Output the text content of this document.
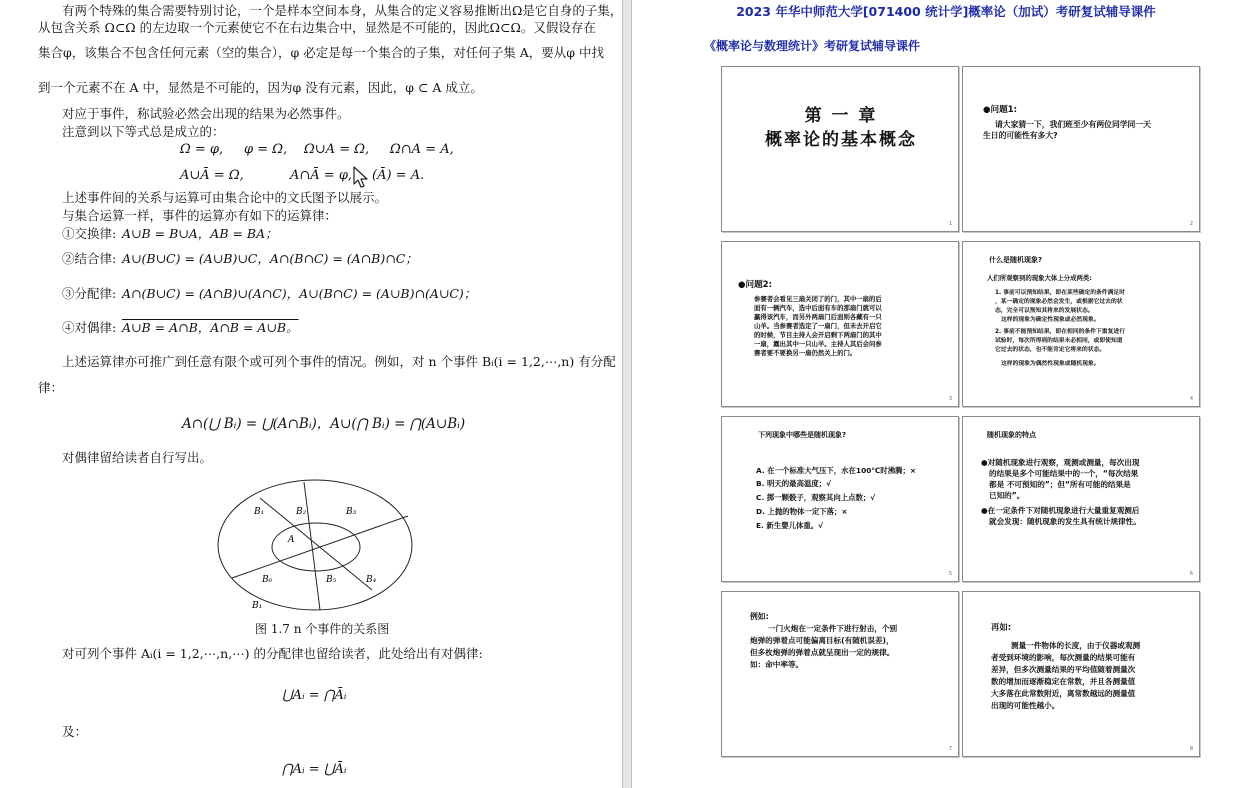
有两个特殊的集合需要特别讨论，一个是样本空间本身，从集合的定义容易推断出Ω是它自身的子集，
从包含关系 Ω⊂Ω 的左边取一个元素使它不在右边集合中，显然是不可能的，因此Ω⊂Ω。又假设存在
集合φ，该集合不包含任何元素（空的集合），φ 必定是每一个集合的子集，对任何子集 A，要从φ 中找
到一个元素不在 A 中，显然是不可能的，因为φ 没有元素，因此，φ ⊂ A 成立。
对应于事件，称试验必然会出现的结果为必然事件。
注意到以下等式总是成立的：
Ω = φ, φ = Ω, Ω∪A = Ω, Ω∩A = A,
A∪Ā = Ω,	A∩Ā = φ, (Ā) = A.
上述事件间的关系与运算可由集合论中的文氏图予以展示。
与集合运算一样，事件的运算亦有如下的运算律：
①交换律: A∪B = B∪A，AB = BA；
②结合律: A∪(B∪C) = (A∪B)∪C，A∩(B∩C) = (A∩B)∩C；
③分配律: A∩(B∪C) = (A∩B)∪(A∩C)，A∪(B∩C) = (A∪B)∩(A∪C)；
④对偶律: A∪B = A∩B，A∩B = A∪B。
上述运算律亦可推广到任意有限个或可列个事件的情况。例如，对 n 个事件 Bᵢ(i = 1,2,⋯,n) 有分配
律：
A∩(⋃ Bᵢ) = ⋃(A∩Bᵢ)，A∪(⋂ Bᵢ) = ⋂(A∪Bᵢ)
对偶律留给读者自行写出。
B₁	B₂	B₃
A
B₆	B₅	B₄
B₁
图 1.7 n 个事件的关系图
对可列个事件 Aᵢ(i = 1,2,⋯,n,⋯) 的分配律也留给读者，此处给出有对偶律:
⋃Aᵢ = ⋂Āᵢ
及：
⋂Aᵢ = ⋃Āᵢ
2023 年华中师范大学[071400 统计学]概率论（加试）考研复试辅导课件
《概率论与数理统计》考研复试辅导课件
第 一 章
概率论的基本概念
1
●问题1:
请大家猜一下，我们班至少有两位同学同一天
生日的可能性有多大?
2
●问题2:
参赛者会看见三扇关闭了的门，其中一扇的后
面有一辆汽车，选中后面有车的那扇门就可以
赢得该汽车，而另外两扇门后面则各藏有一只
山羊。当参赛者选定了一扇门，但未去开启它
的时候，节目主持人会开启剩下两扇门的其中
一扇，露出其中一只山羊。主持人其后会问参
赛者要不要换另一扇仍然关上的门。
3
什么是随机现象?
人们所观察到的现象大体上分成两类:
1. 事前可以预知结果，即在某些确定的条件满足时
，某一确定的现象必然会发生，或根据它过去的状
态，完全可以预知其将来的发展状态。
这样的现象为确定性现象或必然现象。
2. 事前不能预知结果，即在相同的条件下重复进行
试验时，每次所得到的结果未必相同，或即使知道
它过去的状态，也不能肯定它将来的状态。
这样的现象为偶然性现象或随机现象。
4
下列现象中哪些是随机现象?
A. 在一个标准大气压下，水在100℃时沸腾；×
B. 明天的最高温度；√
C. 掷一颗骰子，观察其向上点数；√
D. 上抛的物体一定下落；×
E. 新生婴儿体重。√
5
随机现象的特点
●对随机现象进行观察，观测或测量，每次出现
的结果是多个可能结果中的一个，“每次结果
都是 不可预知的”；但“所有可能的结果是
已知的”。
●在一定条件下对随机现象进行大量重复观测后
就会发现：随机现象的发生具有统计规律性。
6
例如:
一门火炮在一定条件下进行射击，个别
炮弹的弹着点可能偏离目标(有随机误差)，
但多枚炮弹的弹着点就呈现出一定的规律。
如：命中率等。
7
再如:
测量一件物体的长度，由于仪器或观测
者受到环境的影响，每次测量的结果可能有
差异，但多次测量结果的平均值随着测量次
数的增加而逐渐稳定在常数，并且各测量值
大多落在此常数附近，离常数越远的测量值
出现的可能性越小。
8
